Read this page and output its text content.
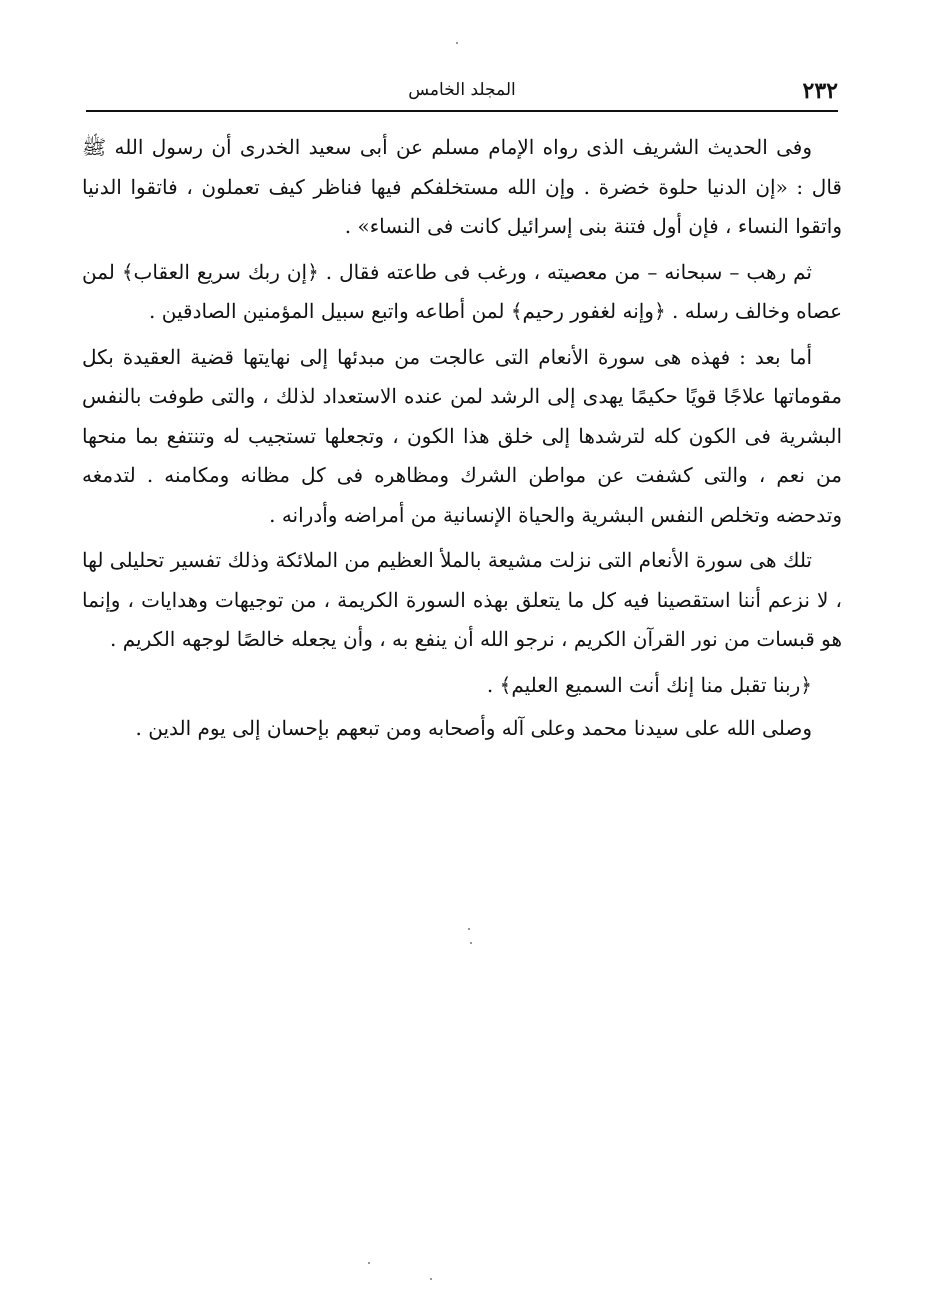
٢٣٢
المجلد الخامس

وفى الحديث الشريف الذى رواه الإمام مسلم عن أبى سعيد الخدرى أن رسول الله ﷺ قال : «إن الدنيا حلوة خضرة . وإن الله مستخلفكم فيها فناظر كيف تعملون ، فاتقوا الدنيا واتقوا النساء ، فإن أول فتنة بنى إسرائيل كانت فى النساء» .

ثم رهب – سبحانه – من معصيته ، ورغب فى طاعته فقال . ﴿إن ربك سريع العقاب﴾ لمن عصاه وخالف رسله . ﴿وإنه لغفور رحيم﴾ لمن أطاعه واتبع سبيل المؤمنين الصادقين .

أما بعد : فهذه هى سورة الأنعام التى عالجت من مبدئها إلى نهايتها قضية العقيدة بكل مقوماتها علاجًا قويًا حكيمًا يهدى إلى الرشد لمن عنده الاستعداد لذلك ، والتى طوفت بالنفس البشرية فى الكون كله لترشدها إلى خلق هذا الكون ، وتجعلها تستجيب له وتنتفع بما منحها من نعم ، والتى كشفت عن مواطن الشرك ومظاهره فى كل مظانه ومكامنه . لتدمغه وتدحضه وتخلص النفس البشرية والحياة الإنسانية من أمراضه وأدرانه .

تلك هى سورة الأنعام التى نزلت مشيعة بالملأ العظيم من الملائكة وذلك تفسير تحليلى لها ، لا نزعم أننا استقصينا فيه كل ما يتعلق بهذه السورة الكريمة ، من توجيهات وهدايات ، وإنما هو قبسات من نور القرآن الكريم ، نرجو الله أن ينفع به ، وأن يجعله خالصًا لوجهه الكريم .

﴿ربنا تقبل منا إنك أنت السميع العليم﴾ .

وصلى الله على سيدنا محمد وعلى آله وأصحابه ومن تبعهم بإحسان إلى يوم الدين .
